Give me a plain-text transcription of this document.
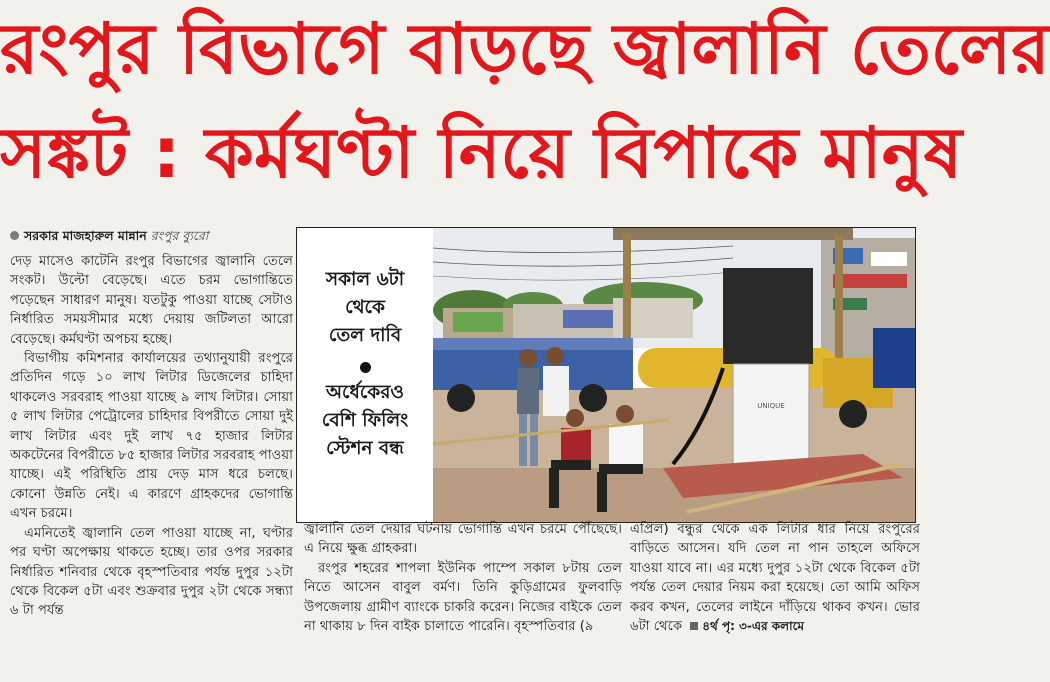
রংপুর বিভাগে বাড়ছে জ্বালানি তেলের
সঙ্কট : কর্মঘণ্টা নিয়ে বিপাকে মানুষ
সরকার মাজহারুল মান্নান রংপুর ব্যুরো

দেড় মাসেও কাটেনি রংপুর বিভাগের জ্বালানি তেলে সংকট। উল্টো বেড়েছে। এতে চরম ভোগান্তিতে পড়েছেন সাধারণ মানুষ। যতটুকু পাওয়া যাচ্ছে সেটাও নির্ধারিত সময়সীমার মধ্যে দেয়ায় জটিলতা আরো বেড়েছে। কর্মঘণ্টা অপচয় হচ্ছে।

বিভাগীয় কমিশনার কার্যালয়ের তথ্যানুযায়ী রংপুরে প্রতিদিন গড়ে ১০ লাখ লিটার ডিজেলের চাহিদা থাকলেও সরবরাহ পাওয়া যাচ্ছে ৯ লাখ লিটার। সোয়া ৫ লাখ লিটার পেট্রোলের চাহিদার বিপরীতে সোয়া দুই লাখ লিটার এবং দুই লাখ ৭৫ হাজার লিটার অকটেনের বিপরীতে ৮৫ হাজার লিটার সরবরাহ পাওয়া যাচ্ছে। এই পরিস্থিতি প্রায় দেড় মাস ধরে চলছে। কোনো উন্নতি নেই। এ কারণে গ্রাহকদের ভোগান্তি এখন চরমে।

এমনিতেই জ্বালানি তেল পাওয়া যাচ্ছে না, ঘণ্টার পর ঘণ্টা অপেক্ষায় থাকতে হচ্ছে। তার ওপর সরকার নির্ধারিত শনিবার থেকে বৃহস্পতিবার পর্যন্ত দুপুর ১২টা থেকে বিকেল ৫টা এবং শুক্রবার দুপুর ২টা থেকে সন্ধ্যা ৬ টা পর্যন্ত

সকাল ৬টা
থেকে
তেল দাবি
অর্ধেকেরও
বেশি ফিলিং
স্টেশন বন্ধ
UNIQUE

জ্বালানি তেল দেয়ার ঘটনায় ভোগান্তি এখন চরমে পৌঁছেছে। এ নিয়ে ক্ষুব্ধ গ্রাহকরা।

রংপুর শহরের শাপলা ইউনিক পাম্পে সকাল ৮টায় তেল নিতে আসেন বাবুল বর্মণ। তিনি কুড়িগ্রামের ফুলবাড়ি উপজেলায় গ্রামীণ ব্যাংকে চাকরি করেন। নিজের বাইকে তেল না থাকায় ৮ দিন বাইক চালাতে পারেনি। বৃহস্পতিবার (৯

এপ্রিল) বন্ধুর থেকে এক লিটার ধার নিয়ে রংপুরের বাড়িতে আসেন। যদি তেল না পান তাহলে অফিসে যাওয়া যাবে না। এর মধ্যে দুপুর ১২টা থেকে বিকেল ৫টা পর্যন্ত তেল দেয়ার নিয়ম করা হয়েছে। তো আমি অফিস করব কখন, তেলের লাইনে দাঁড়িয়ে থাকব কখন। ভোর ৬টা থেকে ৪র্থ পৃ: ৩-এর কলামে
